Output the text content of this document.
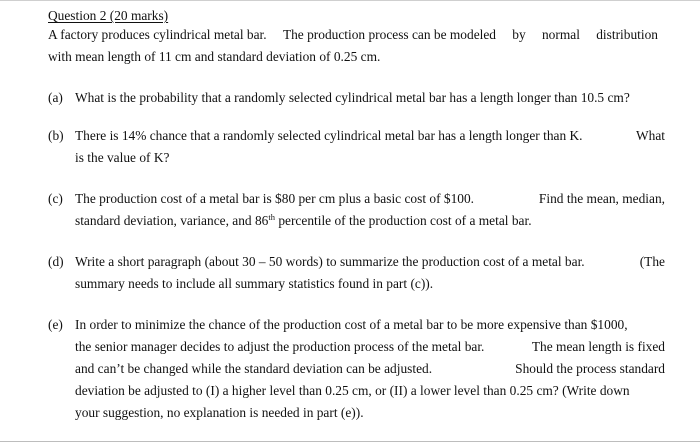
Question 2 (20 marks)
A factory produces cylindrical metal bar. The production process can be modeled by normal distribution
with mean length of 11 cm and standard deviation of 0.25 cm.
(a) What is the probability that a randomly selected cylindrical metal bar has a length longer than 10.5 cm?
(b) There is 14% chance that a randomly selected cylindrical metal bar has a length longer than K.	What
is the value of K?
(c) The production cost of a metal bar is $80 per cm plus a basic cost of $100.	Find the mean, median,
standard deviation, variance, and 86th percentile of the production cost of a metal bar.
(d) Write a short paragraph (about 30 – 50 words) to summarize the production cost of a metal bar.	(The
summary needs to include all summary statistics found in part (c)).
(e) In order to minimize the chance of the production cost of a metal bar to be more expensive than $1000,
the senior manager decides to adjust the production process of the metal bar.	The mean length is fixed
and can’t be changed while the standard deviation can be adjusted.	Should the process standard
deviation be adjusted to (I) a higher level than 0.25 cm, or (II) a lower level than 0.25 cm? (Write down
your suggestion, no explanation is needed in part (e)).
